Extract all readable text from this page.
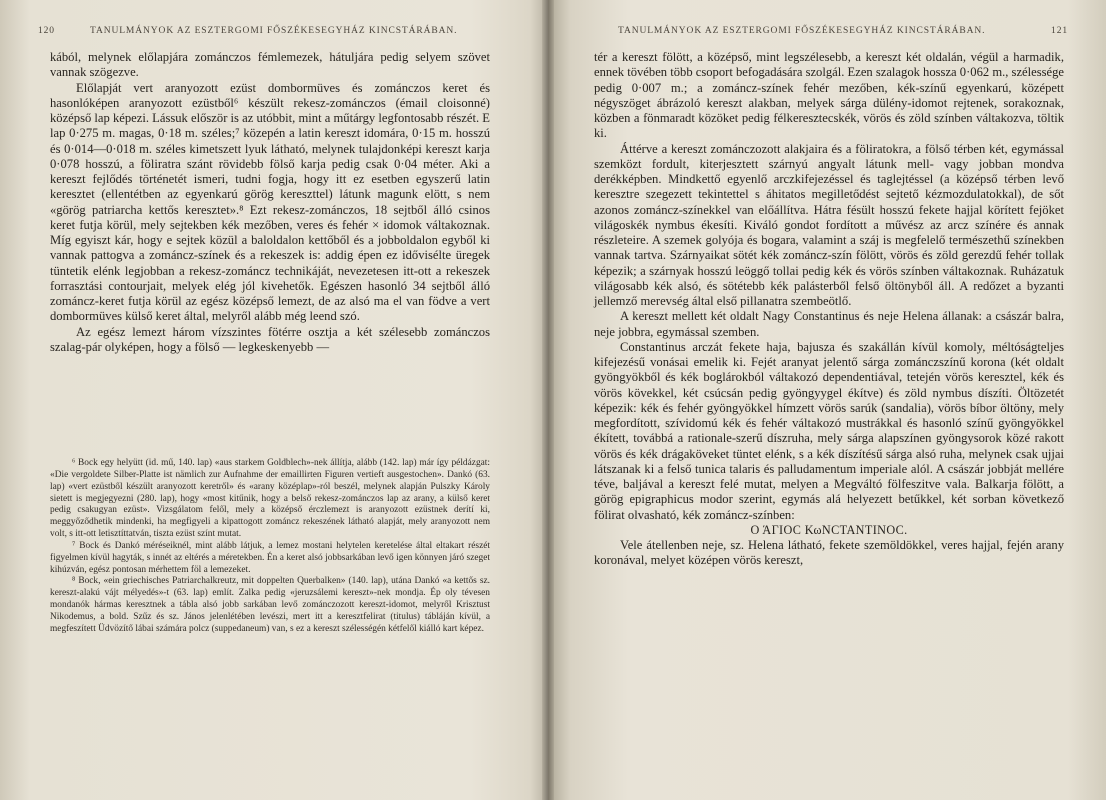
120	TANULMÁNYOK AZ ESZTERGOMI FŐSZÉKESEGYHÁZ KINCSTÁRÁBAN.

kából, melynek előlapjára zománczos fémlemezek, hátuljára pedig selyem szövet vannak szögezve.

Előlapját vert aranyozott ezüst dombormüves és zománczos keret és hasonlóképen aranyozott ezüstből⁶ készült rekesz-zománczos (émail cloisonné) középső lap képezi. Lássuk először is az utóbbit, mint a műtárgy legfontosabb részét. E lap 0·275 m. magas, 0·18 m. széles;⁷ közepén a latin kereszt idomára, 0·15 m. hosszú és 0·014—0·018 m. széles kimetszett lyuk látható, melynek tulajdonképi kereszt karja 0·078 hosszú, a föliratra szánt rövidebb fölső karja pedig csak 0·04 méter. Aki a kereszt fejlődés történetét ismeri, tudni fogja, hogy itt ez esetben egyszerű latin keresztet (ellentétben az egyenkarú görög kereszttel) látunk magunk elött, s nem «görög patriarcha kettős keresztet».⁸ Ezt rekesz-zománczos, 18 sejtből álló csinos keret futja körül, mely sejtekben kék mezőben, veres és fehér × idomok váltakoznak. Míg egyiszt kár, hogy e sejtek közül a baloldalon kettőből és a jobboldalon egyből ki vannak pattogva a zománcz-színek és a rekeszek is: addig épen ez idővisélte üregek tüntetik elénk legjobban a rekesz-zománcz technikáját, nevezetesen itt-ott a rekeszek forrasztási contourjait, melyek elég jól kivehetők. Egészen hasonló 34 sejtből álló zománcz-keret futja körül az egész középső lemezt, de az alsó ma el van födve a vert dombormüves külső keret által, melyről alább még leend szó.

Az egész lemezt három vízszintes fötérre osztja a két szélesebb zománczos szalag-pár olyképen, hogy a fölső — legkeskenyebb —

⁶ Bock egy helyütt (id. mű, 140. lap) «aus starkem Goldblech»-nek állítja, alább (142. lap) már így példázgat: «Die vergoldete Silber-Platte ist nämlich zur Aufnahme der emaillirten Figuren vertieft ausgestochen». Dankó (63. lap) «vert ezüstből készült aranyozott keretről» és «arany középlap»-ról beszél, melynek alapján Pulszky Károly sietett is megjegyezni (280. lap), hogy «most kitűnik, hogy a belső rekesz-zománczos lap az arany, a külső keret pedig csakugyan ezüst». Vizsgálatom felől, mely a középső érczlemezt is aranyozott ezüstnek derítí ki, meggyőződhetik mindenki, ha megfigyeli a kipattogott zománcz rekeszének látható alapját, mely aranyozott nem volt, s itt-ott letisztíttatván, tiszta ezüst színt mutat.

⁷ Bock és Dankó méréseiknél, mint alább látjuk, a lemez mostani helytelen keretelése által eltakart részét figyelmen kívül hagyták, s innét az eltérés a méretekben. Én a keret alsó jobbsarkában levő igen könnyen járó szeget kihúzván, egész pontosan mérhettem föl a lemezeket.

⁸ Bock, «ein griechisches Patriarchalkreutz, mit doppelten Querbalken» (140. lap), utána Dankó «a kettős sz. kereszt-alakú vájt mélyedés»-t (63. lap) említ. Zalka pedig «jeruzsálemi kereszt»-nek mondja. Ép oly tévesen mondanók hármas keresztnek a tábla alsó jobb sarkában levő zománczozott kereszt-idomot, melyről Krisztust Nikodemus, a bold. Szűz és sz. János jelenlétében levészi, mert itt a keresztfelirat (titulus) tábláján kívül, a megfeszített Üdvözítő lábai számára polcz (suppedaneum) van, s ez a kereszt szélességén kétfelől kiálló kart képez.

TANULMÁNYOK AZ ESZTERGOMI FŐSZÉKESEGYHÁZ KINCSTÁRÁBAN.	121

tér a kereszt fölött, a középső, mint legszélesebb, a kereszt két oldalán, végül a harmadik, ennek tövében több csoport befogadására szolgál. Ezen szalagok hossza 0·062 m., szélessége pedig 0·007 m.; a zománcz-színek fehér mezőben, kék-színű egyenkarú, középett négyszöget ábrázoló kereszt alakban, melyek sárga dülény-idomot rejtenek, sorakoznak, közben a fönmaradt közöket pedig félkeresztecskék, vörös és zöld színben váltakozva, töltik ki.

Áttérve a kereszt zománczozott alakjaira és a föliratokra, a fölső térben két, egymással szemközt fordult, kiterjesztett szárnyú angyalt látunk mell- vagy jobban mondva derékképben. Mindkettő egyenlő arczkifejezéssel és taglejtéssel (a középső térben levő keresztre szegezett tekintettel s áhitatos megilletődést sejtető kézmozdulatokkal), de sőt azonos zománcz-színekkel van előállítva. Hátra fésült hosszú fekete hajjal körített fejöket világoskék nymbus ékesíti. Kiváló gondot fordított a művész az arcz színére és annak részleteire. A szemek golyója és bogara, valamint a száj is megfelelő természethű színekben vannak tartva. Szárnyaikat sötét kék zománcz-szín fölött, vörös és zöld gerezdű fehér tollak képezik; a szárnyak hosszú leöggő tollai pedig kék és vörös színben váltakoznak. Ruházatuk világosabb kék alsó, és sötétebb kék palásterből felső öltönyből áll. A redőzet a byzanti jellemző merevség által első pillanatra szembeötlő.

A kereszt mellett két oldalt Nagy Constantinus és neje Helena állanak: a császár balra, neje jobbra, egymással szemben.

Constantinus arczát fekete haja, bajusza és szakállán kívül komoly, méltóságteljes kifejezésű vonásai emelik ki. Fejét aranyat jelentő sárga zománczszínű korona (két oldalt gyöngyökből és kék boglárokból váltakozó dependentiával, tetején vörös keresztel, kék és vörös kövekkel, két csúcsán pedig gyöngyygel ékítve) és zöld nymbus díszíti. Öltözetét képezik: kék és fehér gyöngyökkel hímzett vörös sarúk (sandalia), vörös bíbor öltöny, mely megfordított, szívidomú kék és fehér váltakozó mustrákkal és hasonló színű gyöngyökkel ékített, továbbá a rationale-szerű díszruha, mely sárga alapszínen gyöngysorok közé rakott vörös és kék drágaköveket tüntet elénk, s a kék díszítésű sárga alsó ruha, melynek csak ujjai látszanak ki a felső tunica talaris és palludamentum imperiale alól. A császár jobbját mellére téve, baljával a kereszt felé mutat, melyen a Megváltó fölfeszitve vala. Balkarja fölött, a görög epigraphicus modor szerint, egymás alá helyezett betűkkel, két sorban következő fölirat olvasható, kék zománcz-színben:

Ο ΆΓΙΟC ΚωΝCΤΑΝΤΙΝΟC.

Vele átellenben neje, sz. Helena látható, fekete szemöldökkel, veres hajjal, fején arany koronával, melyet középen vörös kereszt,
